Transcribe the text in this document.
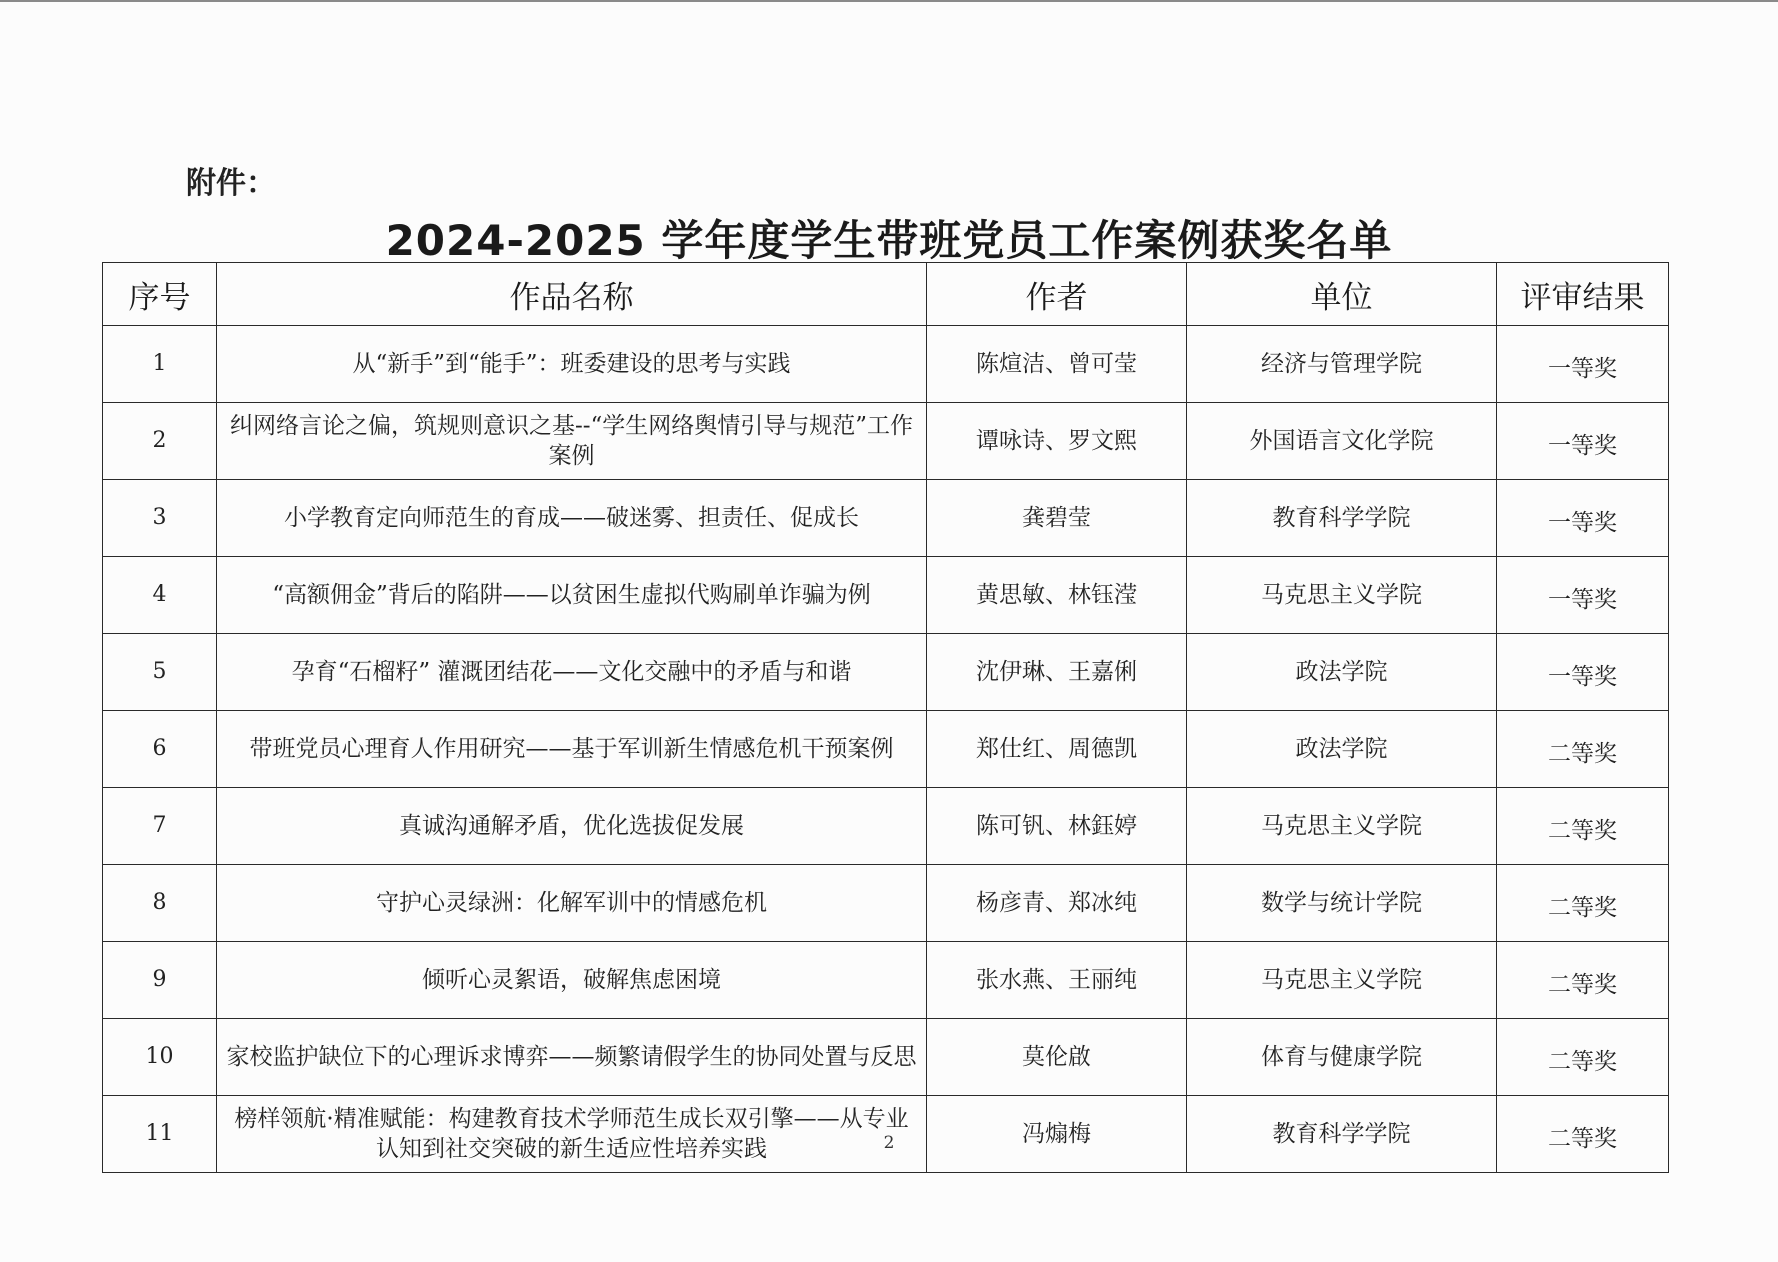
附件：
2024-2025 学年度学生带班党员工作案例获奖名单
序号	作品名称	作者	单位	评审结果
1	从“新手”到“能手”：班委建设的思考与实践	陈煊洁、曾可莹	经济与管理学院	一等奖
2	纠网络言论之偏，筑规则意识之基--“学生网络舆情引导与规范”工作案例	谭咏诗、罗文熙	外国语言文化学院	一等奖
3	小学教育定向师范生的育成——破迷雾、担责任、促成长	龚碧莹	教育科学学院	一等奖
4	“高额佣金”背后的陷阱——以贫困生虚拟代购刷单诈骗为例	黄思敏、林钰滢	马克思主义学院	一等奖
5	孕育“石榴籽” 灌溉团结花——文化交融中的矛盾与和谐	沈伊琳、王嘉俐	政法学院	一等奖
6	带班党员心理育人作用研究——基于军训新生情感危机干预案例	郑仕红、周德凯	政法学院	二等奖
7	真诚沟通解矛盾，优化选拔促发展	陈可钒、林鈺婷	马克思主义学院	二等奖
8	守护心灵绿洲：化解军训中的情感危机	杨彦青、郑冰纯	数学与统计学院	二等奖
9	倾听心灵絮语，破解焦虑困境	张水燕、王丽纯	马克思主义学院	二等奖
10	家校监护缺位下的心理诉求博弈——频繁请假学生的协同处置与反思	莫伦啟	体育与健康学院	二等奖
11	榜样领航·精准赋能：构建教育技术学师范生成长双引擎——从专业认知到社交突破的新生适应性培养实践	冯煽梅	教育科学学院	二等奖
2
